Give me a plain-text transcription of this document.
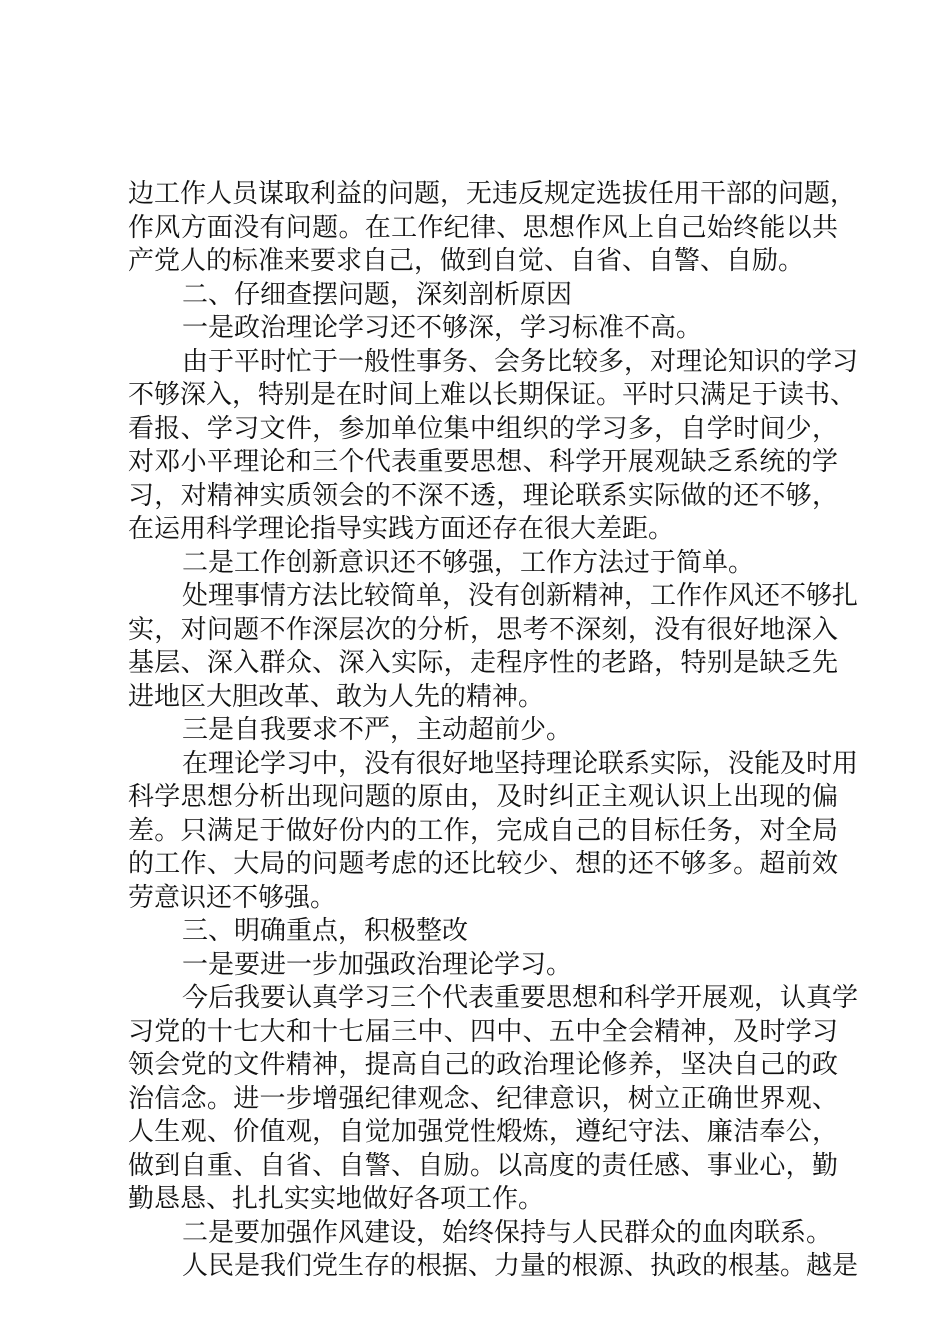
边工作人员谋取利益的问题，无违反规定选拔任用干部的问题，
作风方面没有问题。在工作纪律、思想作风上自己始终能以共
产党人的标准来要求自己，做到自觉、自省、自警、自励。
二、仔细查摆问题，深刻剖析原因
一是政治理论学习还不够深，学习标准不高。
由于平时忙于一般性事务、会务比较多，对理论知识的学习
不够深入，特别是在时间上难以长期保证。平时只满足于读书、
看报、学习文件，参加单位集中组织的学习多，自学时间少，
对邓小平理论和三个代表重要思想、科学开展观缺乏系统的学
习，对精神实质领会的不深不透，理论联系实际做的还不够，
在运用科学理论指导实践方面还存在很大差距。
二是工作创新意识还不够强，工作方法过于简单。
处理事情方法比较简单，没有创新精神，工作作风还不够扎
实，对问题不作深层次的分析，思考不深刻，没有很好地深入
基层、深入群众、深入实际，走程序性的老路，特别是缺乏先
进地区大胆改革、敢为人先的精神。
三是自我要求不严，主动超前少。
在理论学习中，没有很好地坚持理论联系实际，没能及时用
科学思想分析出现问题的原由，及时纠正主观认识上出现的偏
差。只满足于做好份内的工作，完成自己的目标任务，对全局
的工作、大局的问题考虑的还比较少、想的还不够多。超前效
劳意识还不够强。
三、明确重点，积极整改
一是要进一步加强政治理论学习。
今后我要认真学习三个代表重要思想和科学开展观，认真学
习党的十七大和十七届三中、四中、五中全会精神，及时学习
领会党的文件精神，提高自己的政治理论修养，坚决自己的政
治信念。进一步增强纪律观念、纪律意识，树立正确世界观、
人生观、价值观，自觉加强党性煅炼，遵纪守法、廉洁奉公，
做到自重、自省、自警、自励。以高度的责任感、事业心，勤
勤恳恳、扎扎实实地做好各项工作。
二是要加强作风建设，始终保持与人民群众的血肉联系。
人民是我们党生存的根据、力量的根源、执政的根基。越是
